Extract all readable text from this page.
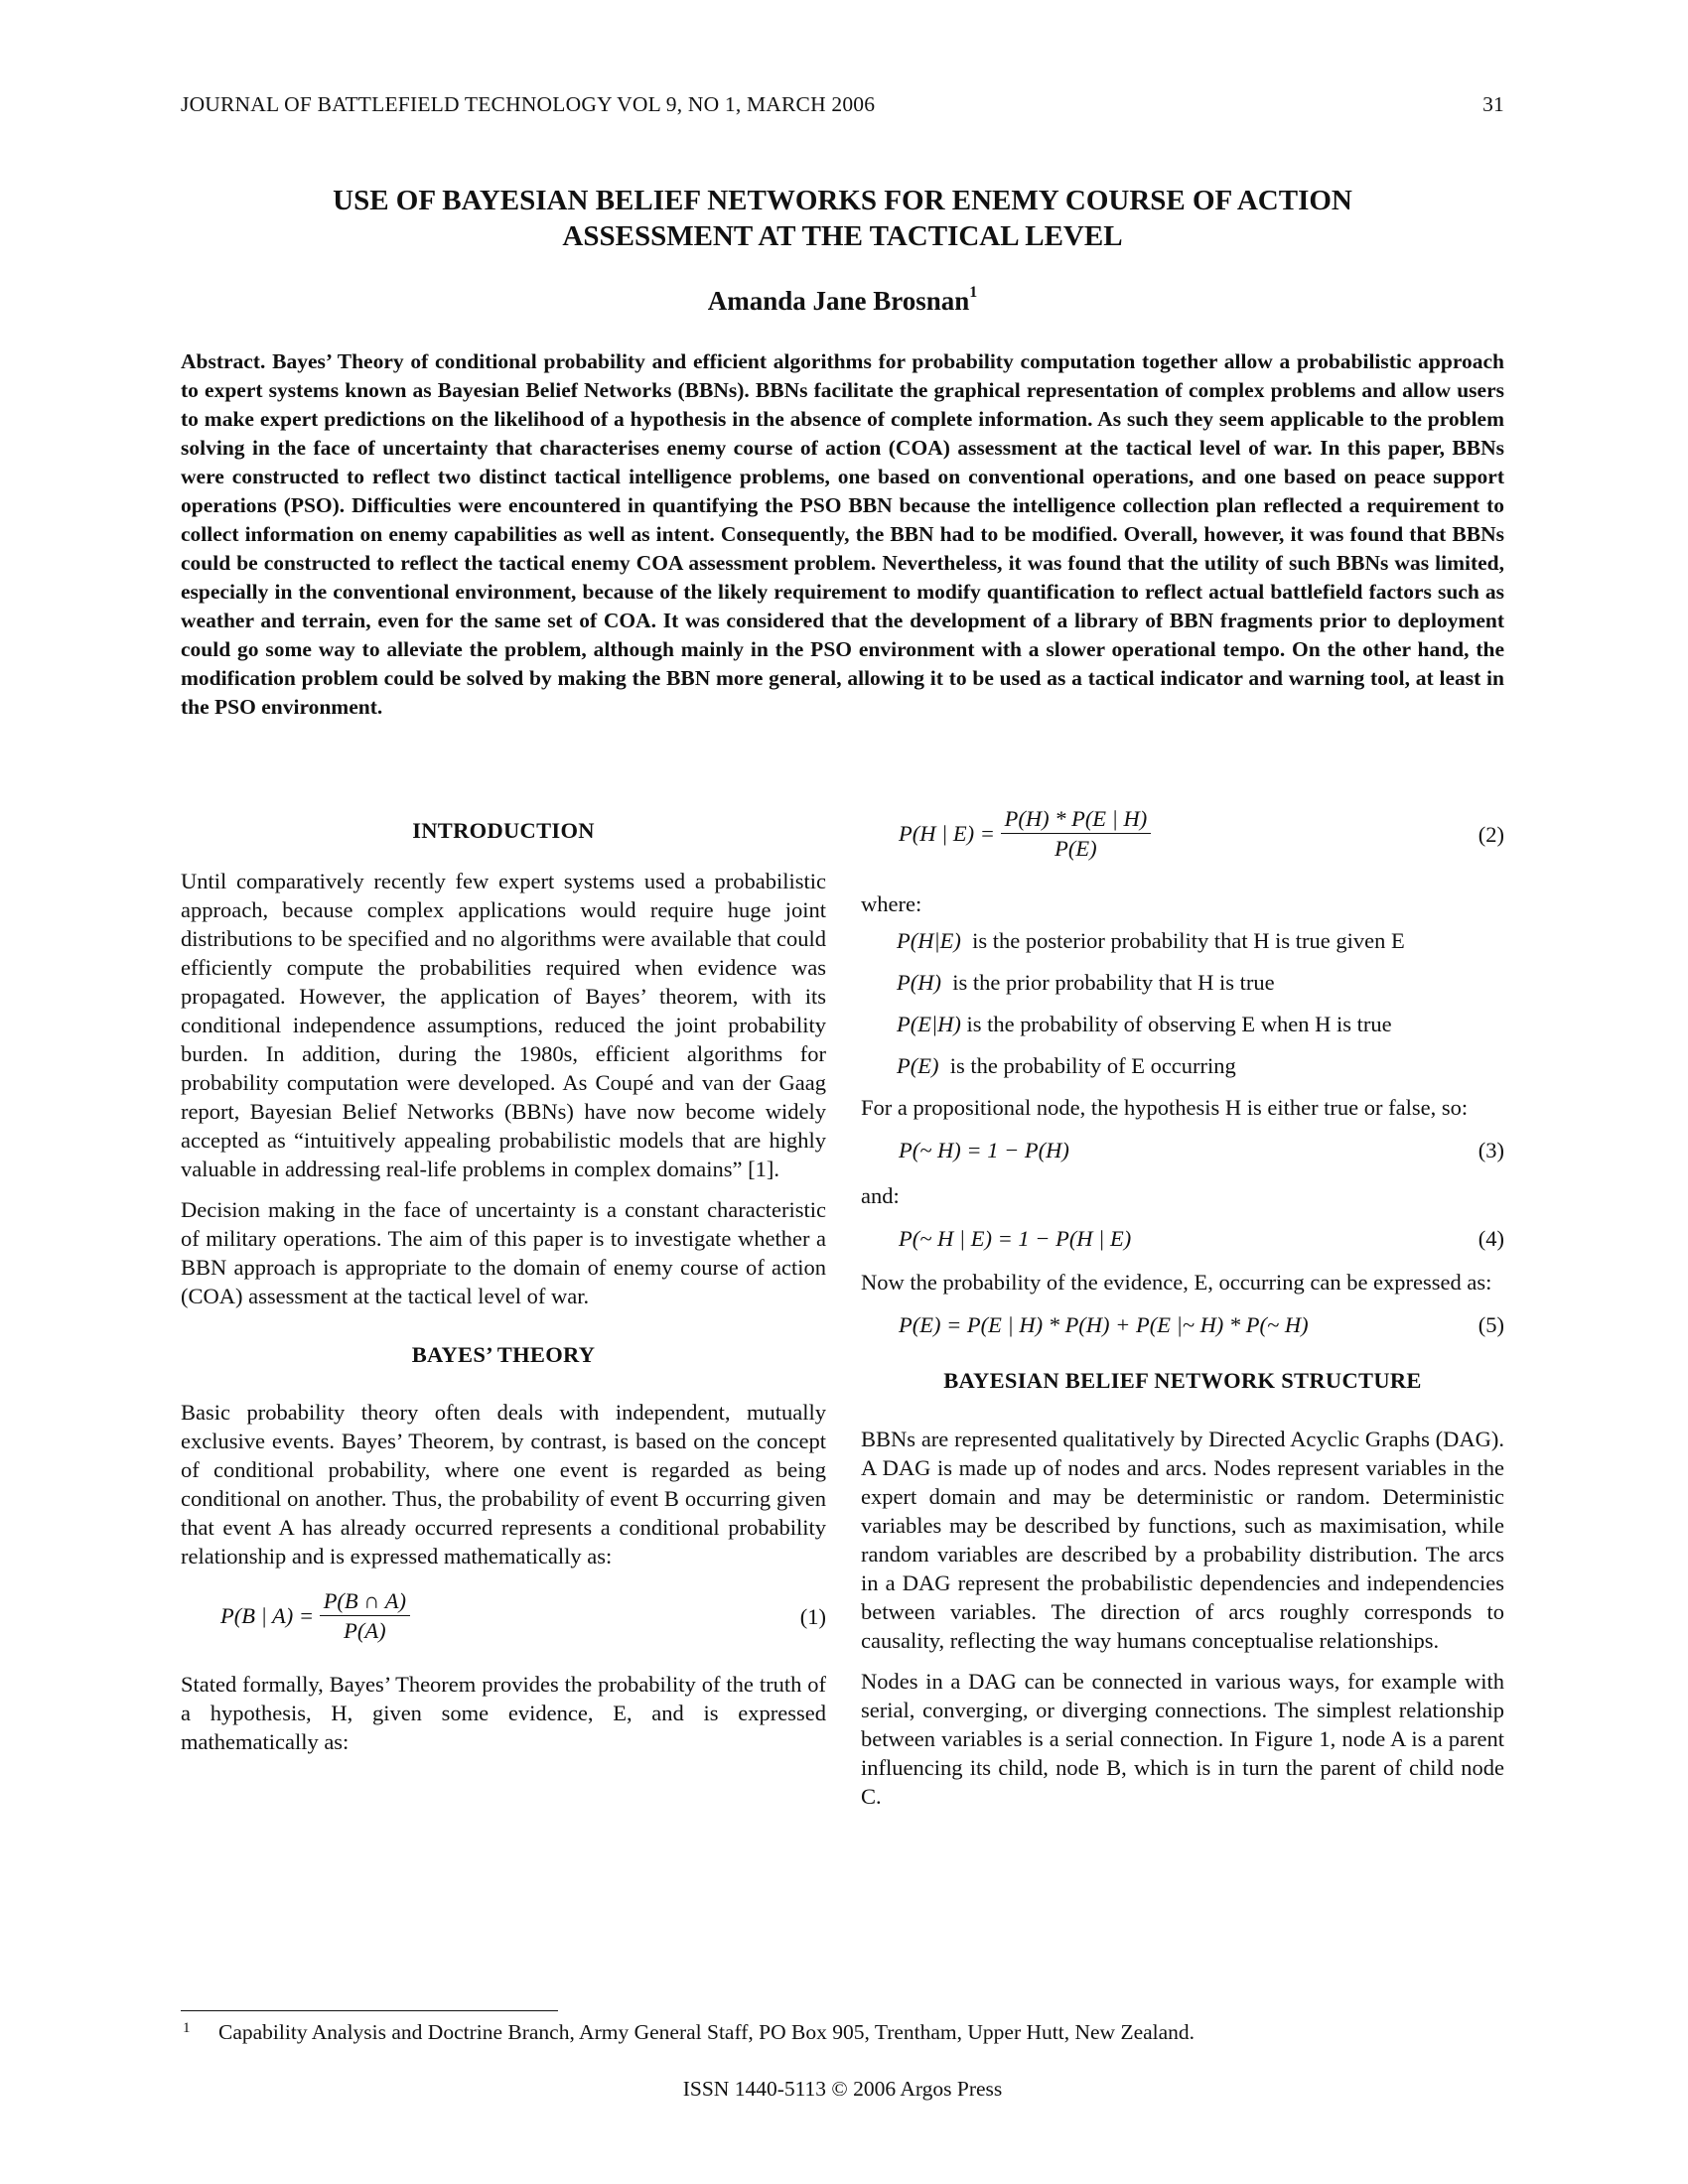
JOURNAL OF BATTLEFIELD TECHNOLOGY VOL 9, NO 1, MARCH 2006	31
USE OF BAYESIAN BELIEF NETWORKS FOR ENEMY COURSE OF ACTION
ASSESSMENT AT THE TACTICAL LEVEL
Amanda Jane Brosnan$^1$
Abstract. Bayes’ Theory of conditional probability and efficient algorithms for probability computation together allow a probabilistic approach to expert systems known as Bayesian Belief Networks (BBNs). BBNs facilitate the graphical representation of complex problems and allow users to make expert predictions on the likelihood of a hypothesis in the absence of complete information. As such they seem applicable to the problem solving in the face of uncertainty that characterises enemy course of action (COA) assessment at the tactical level of war. In this paper, BBNs were constructed to reflect two distinct tactical intelligence problems, one based on conventional operations, and one based on peace support operations (PSO). Difficulties were encountered in quantifying the PSO BBN because the intelligence collection plan reflected a requirement to collect information on enemy capabilities as well as intent. Consequently, the BBN had to be modified. Overall, however, it was found that BBNs could be constructed to reflect the tactical enemy COA assessment problem. Nevertheless, it was found that the utility of such BBNs was limited, especially in the conventional environment, because of the likely requirement to modify quantification to reflect actual battlefield factors such as weather and terrain, even for the same set of COA. It was considered that the development of a library of BBN fragments prior to deployment could go some way to alleviate the problem, although mainly in the PSO environment with a slower operational tempo. On the other hand, the modification problem could be solved by making the BBN more general, allowing it to be used as a tactical indicator and warning tool, at least in the PSO environment.
INTRODUCTION

Until comparatively recently few expert systems used a probabilistic approach, because complex applications would require huge joint distributions to be specified and no algorithms were available that could efficiently compute the probabilities required when evidence was propagated. However, the application of Bayes’ theorem, with its conditional independence assumptions, reduced the joint probability burden. In addition, during the 1980s, efficient algorithms for probability computation were developed. As Coupé and van der Gaag report, Bayesian Belief Networks (BBNs) have now become widely accepted as “intuitively appealing probabilistic models that are highly valuable in addressing real-life problems in complex domains” [1].

Decision making in the face of uncertainty is a constant characteristic of military operations. The aim of this paper is to investigate whether a BBN approach is appropriate to the domain of enemy course of action (COA) assessment at the tactical level of war.

BAYES’ THEORY

Basic probability theory often deals with independent, mutually exclusive events. Bayes’ Theorem, by contrast, is based on the concept of conditional probability, where one event is regarded as being conditional on another. Thus, the probability of event B occurring given that event A has already occurred represents a conditional probability relationship and is expressed mathematically as:

P(B | $A) = \frac{P(B \cap A)}{P(A)}$	(1)

Stated formally, Bayes’ Theorem provides the probability of the truth of a hypothesis, H, given some evidence, E, and is expressed mathematically as:

P(H | $E) = \frac{P(H) * P(E | H)}{P(E)}$	(2)

where:

P(H|E) is the posterior probability that H is true given E
P(H) is the prior probability that H is true
P(E|H) is the probability of observing E when H is true
P(E) is the probability of E occurring

For a propositional node, the hypothesis H is either true or false, so:

P(~ H) = 1 − P(H)	(3)

and:

P(~ H | E) = 1 − P(H | E)	(4)

Now the probability of the evidence, E, occurring can be expressed as:

P(E) = P(E | H) * P(H) + P(E |~ H) * P(~ H)	(5)
BAYESIAN BELIEF NETWORK STRUCTURE

BBNs are represented qualitatively by Directed Acyclic Graphs (DAG). A DAG is made up of nodes and arcs. Nodes represent variables in the expert domain and may be deterministic or random. Deterministic variables may be described by functions, such as maximisation, while random variables are described by a probability distribution. The arcs in a DAG represent the probabilistic dependencies and independencies between variables. The direction of arcs roughly corresponds to causality, reflecting the way humans conceptualise relationships.

Nodes in a DAG can be connected in various ways, for example with serial, converging, or diverging connections. The simplest relationship between variables is a serial connection. In Figure 1, node A is a parent influencing its child, node B, which is in turn the parent of child node C.

1 Capability Analysis and Doctrine Branch, Army General Staff, PO Box 905, Trentham, Upper Hutt, New Zealand.
ISSN 1440-5113 © 2006 Argos Press
